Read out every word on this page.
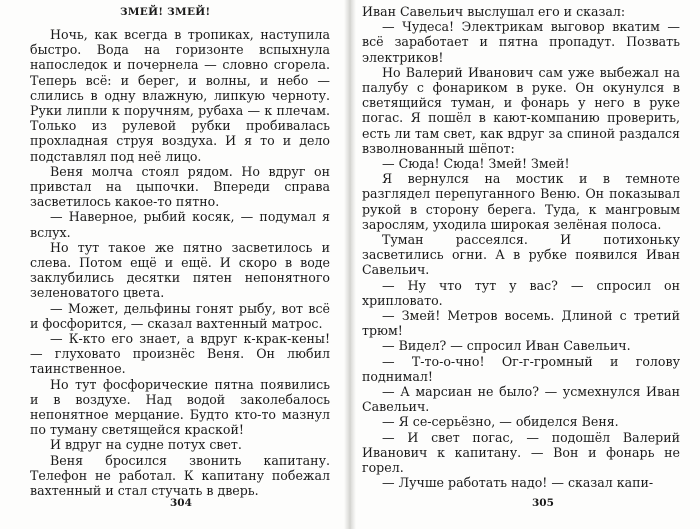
ЗМЕЙ! ЗМЕЙ!

Ночь, как всегда в тропиках, наступила быстро. Вода на горизонте вспыхнула напоследок и почернела — словно сгорела. Теперь всё: и берег, и волны, и небо — слились в одну влажную, липкую черноту. Руки липли к поручням, рубаха — к плечам. Только из рулевой рубки пробивалась прохладная струя воздуха. И я то и дело подставлял под неё лицо.

Веня молча стоял рядом. Но вдруг он привстал на цыпочки. Впереди справа засветилось какое-то пятно.

— Наверное, рыбий косяк, — подумал я вслух.

Но тут такое же пятно засветилось и слева. Потом ещё и ещё. И скоро в воде заклубились десятки пятен непонятного зеленоватого цвета.

— Может, дельфины гонят рыбу, вот всё и фосфорится, — сказал вахтенный матрос.

— К-кто его знает, а вдруг к-крак-кены! — глуховато произнёс Веня. Он любил таинственное.

Но тут фосфорические пятна появились и в воздухе. Над водой заколебалось непонятное мерцание. Будто кто-то мазнул по туману светящейся краской!

И вдруг на судне потух свет.

Веня бросился звонить капитану. Телефон не работал. К капитану побежал вахтенный и стал стучать в дверь.

304

Иван Савельич выслушал его и сказал:

— Чудеса! Электрикам выговор вкатим — всё заработает и пятна пропадут. Позвать электриков!

Но Валерий Иванович сам уже выбежал на палубу с фонариком в руке. Он окунулся в светящийся туман, и фонарь у него в руке погас. Я пошёл в кают-компанию проверить, есть ли там свет, как вдруг за спиной раздался взволнованный шёпот:

— Сюда! Сюда! Змей! Змей!

Я вернулся на мостик и в темноте разглядел перепуганного Веню. Он показывал рукой в сторону берега. Туда, к мангровым зарослям, уходила широкая зелёная полоса.

Туман рассеялся. И потихоньку засветились огни. А в рубке появился Иван Савельич.

— Ну что тут у вас? — спросил он хрипловато.

— Змей! Метров восемь. Длиной с третий трюм!

— Видел? — спросил Иван Савельич.

— Т-то-о-чно! Ог-г-громный и голову поднимал!

— А марсиан не было? — усмехнулся Иван Савельич.

— Я се-серьёзно, — обиделся Веня.

— И свет погас, — подошёл Валерий Иванович к капитану. — Вон и фонарь не горел.

— Лучше работать надо! — сказал капи-

305
